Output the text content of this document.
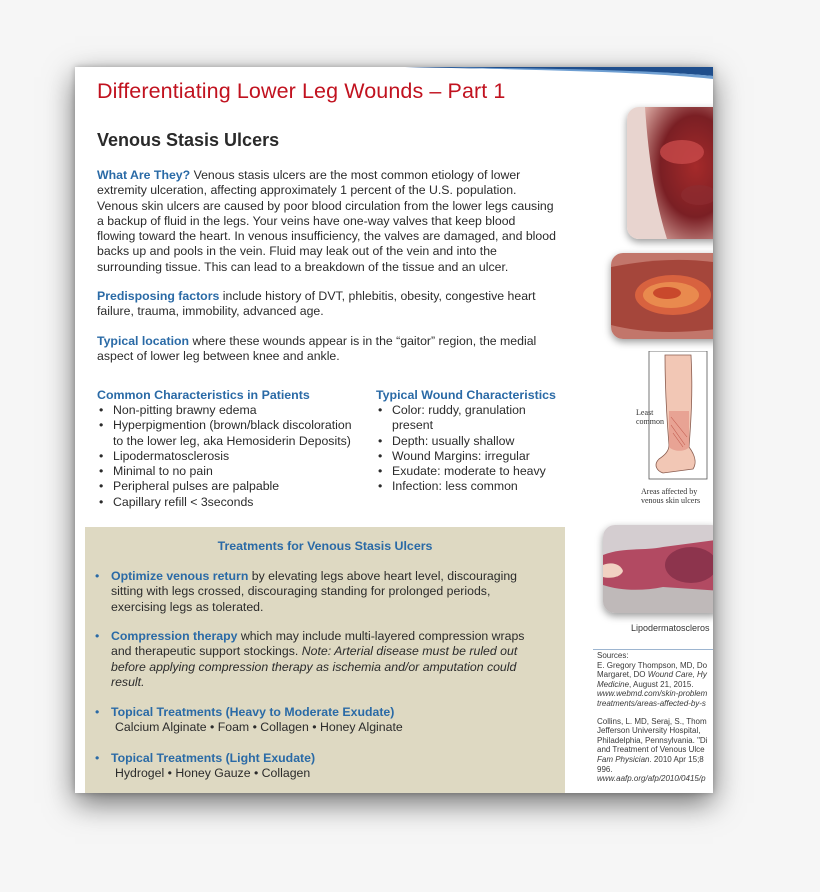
Differentiating Lower Leg Wounds – Part 1
Venous Stasis Ulcers

What Are They? Venous stasis ulcers are the most common etiology of lower extremity ulceration, affecting approximately 1 percent of the U.S. population. Venous skin ulcers are caused by poor blood circulation from the lower legs causing a backup of fluid in the legs. Your veins have one-way valves that keep blood flowing toward the heart. In venous insufficiency, the valves are damaged, and blood backs up and pools in the vein. Fluid may leak out of the vein and into the surrounding tissue. This can lead to a breakdown of the tissue and an ulcer.

Predisposing factors include history of DVT, phlebitis, obesity, congestive heart failure, trauma, immobility, advanced age.

Typical location where these wounds appear is in the “gaitor” region, the medial aspect of lower leg between knee and ankle.

Common Characteristics in Patients
• Non-pitting brawny edema
• Hyperpigmention (brown/black discoloration to the lower leg, aka Hemosiderin Deposits)
• Lipodermatosclerosis
• Minimal to no pain
• Peripheral pulses are palpable
• Capillary refill < 3seconds
Typical Wound Characteristics
• Color: ruddy, granulation present
• Depth: usually shallow
• Wound Margins: irregular
• Exudate: moderate to heavy
• Infection: less common
Treatments for Venous Stasis Ulcers
• Optimize venous return by elevating legs above heart level, discouraging sitting with legs crossed, discouraging standing for prolonged periods, exercising legs as tolerated.

• Compression therapy which may include multi-layered compression wraps and therapeutic support stockings. Note: Arterial disease must be ruled out before applying compression therapy as ischemia and/or amputation could result.

• Topical Treatments (Heavy to Moderate Exudate)

Calcium Alginate • Foam • Collagen • Honey Alginate

• Topical Treatments (Light Exudate)

Hydrogel • Honey Gauze • Collagen

Least
common
Areas affected by
venous skin ulcers
Lipodermatoscleros

Sources:

E. Gregory Thompson, MD, Do

Margaret, DO Wound Care, Hy

Medicine, August 21, 2015.

www.webmd.com/skin-problem

treatments/areas-affected-by-s

Collins, L. MD, Seraj, S., Thom

Jefferson University Hospital,

Philadelphia, Pennsylvania. "Di

and Treatment of Venous Ulce

Fam Physician. 2010 Apr 15;8

996.

www.aafp.org/afp/2010/0415/p
